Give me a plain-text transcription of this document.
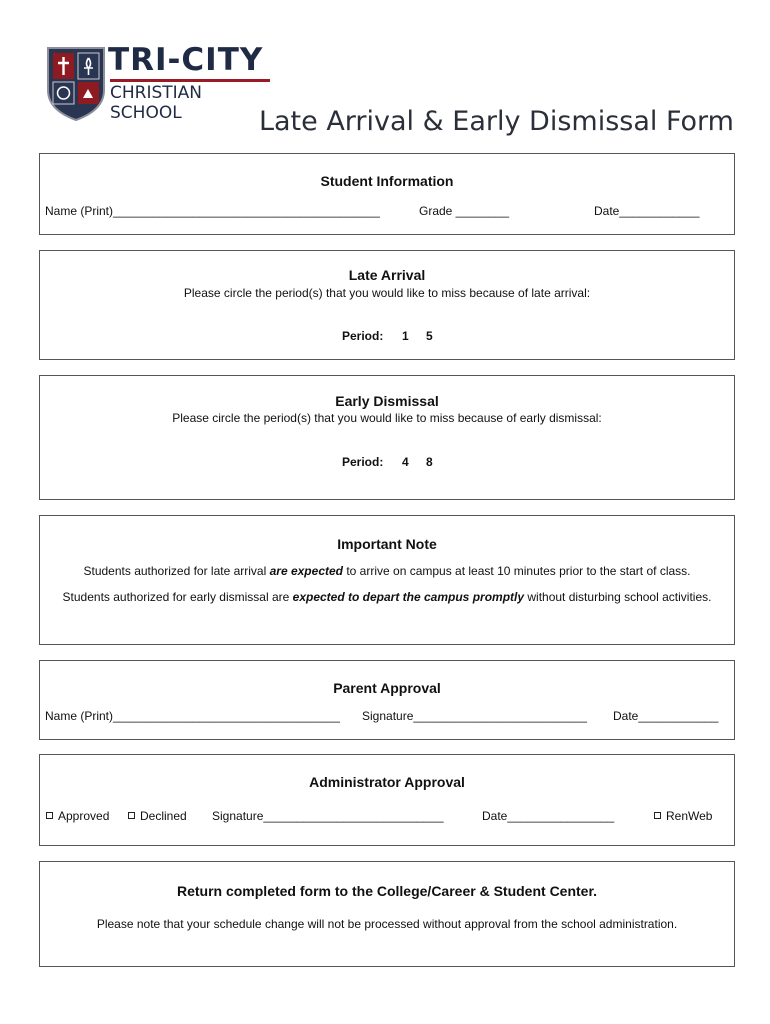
TRI-CITY
CHRISTIAN SCHOOL	Late Arrival & Early Dismissal Form
Student Information
Name (Print)________________________________________	Grade ________	Date____________
Late Arrival
Please circle the period(s) that you would like to miss because of late arrival:
Period: 1 5
Early Dismissal
Please circle the period(s) that you would like to miss because of early dismissal:
Period: 4 8
Important Note
Students authorized for late arrival are expected to arrive on campus at least 10 minutes prior to the start of class.
Students authorized for early dismissal are expected to depart the campus promptly without disturbing school activities.
Parent Approval
Name (Print)__________________________________ Signature__________________________ Date____________
Administrator Approval
Approved	Declined Signature___________________________	Date________________	RenWeb
Return completed form to the College/Career & Student Center.
Please note that your schedule change will not be processed without approval from the school administration.
